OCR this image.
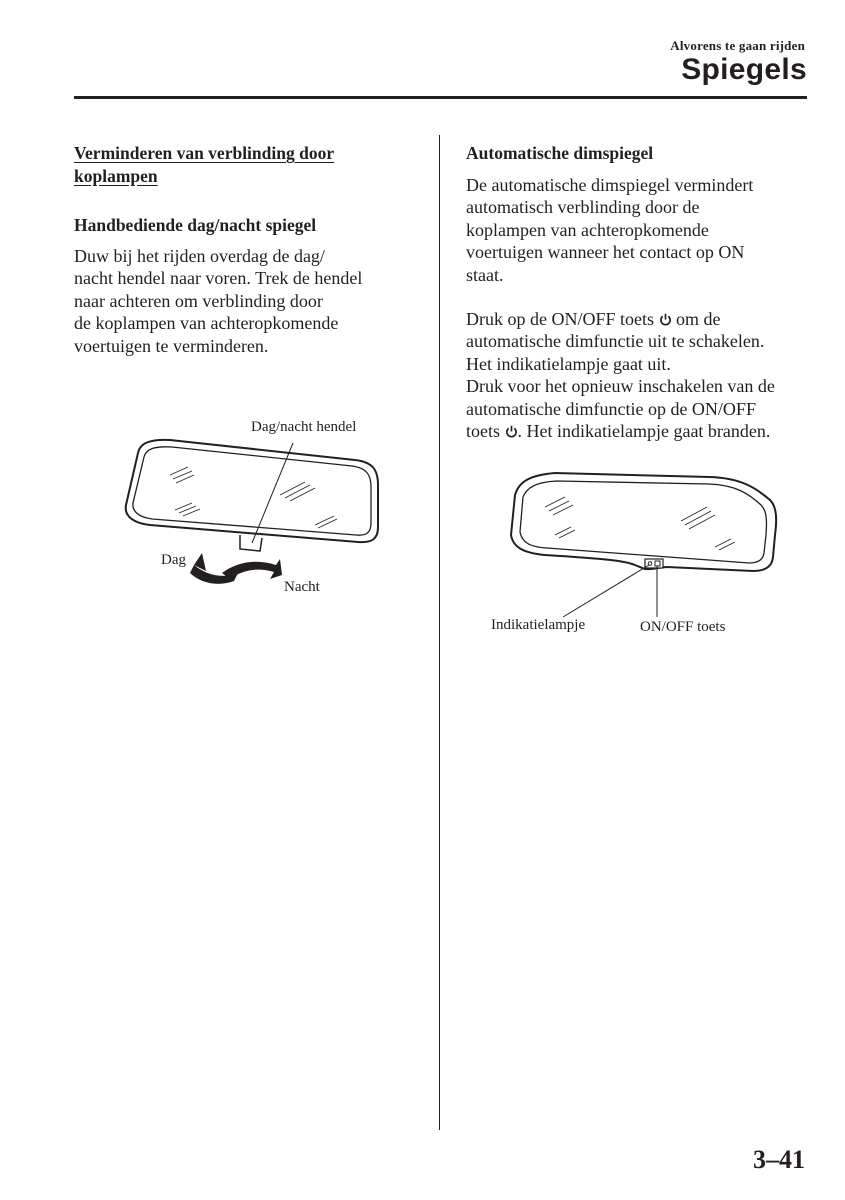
Alvorens te gaan rijden
Spiegels

Verminderen van verblinding door
koplampen

Handbediende dag/nacht spiegel

Duw bij het rijden overdag de dag/
nacht hendel naar voren. Trek de hendel
naar achteren om verblinding door
de koplampen van achteropkomende
voertuigen te verminderen.

Dag/nacht hendel
Dag
Nacht

Automatische dimspiegel

De automatische dimspiegel vermindert
automatisch verblinding door de
koplampen van achteropkomende
voertuigen wanneer het contact op ON
staat.

Druk op de ON/OFF toets om de
automatische dimfunctie uit te schakelen.
Het indikatielampje gaat uit.
Druk voor het opnieuw inschakelen van de
automatische dimfunctie op de ON/OFF
toets . Het indikatielampje gaat branden.

Indikatielampje	ON/OFF toets
3–41
